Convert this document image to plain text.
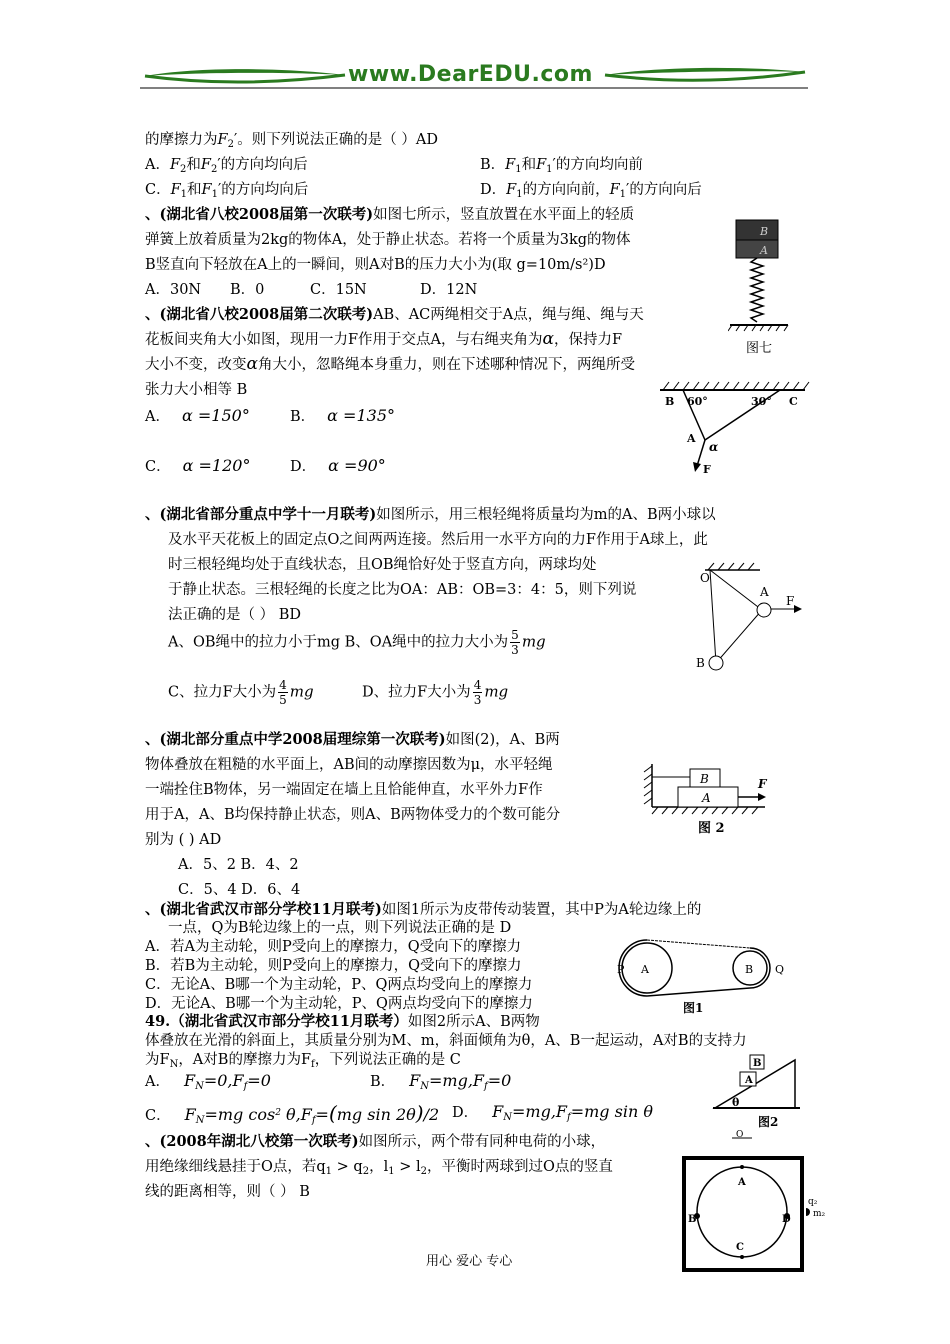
www.DearEDU.com
的摩擦力为$F_2'$。则下列说法正确的是（ ）AD
A．$F_2$和$F_2'$的方向均向后	B．$F_1$和$F_1'$的方向均向前
C．$F_1$和$F_1'$的方向均向后	D．$F_1$的方向向前，$F_1'$的方向向后
、(湖北省八校2008届第一次联考)如图七所示，竖直放置在水平面上的轻质
弹簧上放着质量为2kg的物体A，处于静止状态。若将一个质量为3kg的物体
B竖直向下轻放在A上的一瞬间，则A对B的压力大小为(取 g=10m/s²)D
A．30N B．0	C．15N	D．12N
B
A
图七
、(湖北省八校2008届第二次联考)AB、AC两绳相交于A点，绳与绳、绳与天
花板间夹角大小如图，现用一力F作用于交点A，与右绳夹角为α，保持力F
大小不变，改变α角大小，忽略绳本身重力，则在下述哪种情况下，两绳所受
张力大小相等 B
A． α =150°	B． α =135°
C． α =120°	D． α =90°
B 60°	30° C
A
α
F
、(湖北省部分重点中学十一月联考)如图所示，用三根轻绳将质量均为m的A、B两小球以
及水平天花板上的固定点O之间两两连接。然后用一水平方向的力F作用于A球上，此
时三根轻绳均处于直线状态，且OB绳恰好处于竖直方向，两球均处
于静止状态。三根轻绳的长度之比为OA：AB：OB=3：4：5，则下列说
法正确的是（ ） BD
A、OB绳中的拉力小于mg B、OA绳中的拉力大小为 $\frac{5}{3}$ mg
C、拉力F大小为 $\frac{4}{5}$ mg	D、拉力F大小为 $\frac{4}{3}$ mg
O
A
F
B
、(湖北部分重点中学2008届理综第一次联考)如图(2)，A、B两
物体叠放在粗糙的水平面上，AB间的动摩擦因数为μ，水平轻绳
一端拴住B物体，另一端固定在墙上且恰能伸直，水平外力F作
用于A，A、B均保持静止状态，则A、B两物体受力的个数可能分
别为 ( ) AD
A．5、2 B．4、2
C．5、4 D．6、4
B
A
F
图 2
、(湖北省武汉市部分学校11月联考)如图1所示为皮带传动装置，其中P为A轮边缘上的
一点，Q为B轮边缘上的一点，则下列说法正确的是 D
A．若A为主动轮，则P受向上的摩擦力，Q受向下的摩擦力
B．若B为主动轮，则P受向上的摩擦力，Q受向下的摩擦力
C．无论A、B哪一个为主动轮，P、Q两点均受向上的摩擦力
D．无论A、B哪一个为主动轮，P、Q两点均受向下的摩擦力
P A	B Q
图1
49.（湖北省武汉市部分学校11月联考）如图2所示A、B两物
体叠放在光滑的斜面上，其质量分别为M、m，斜面倾角为θ，A、B一起运动，A对B的支持力
为$F_N$，A对B的摩擦力为$F_f$，下列说法正确的是 C
A． $F_N=0,F_f=0$	B． $F_N=mg,F_f=0$
C． $F_N=mg$ $\cos^2 \theta,F_f=(mg$ sin 2θ)/2 D． $F_N=mg,F_f=mg$ sin θ
A
B
θ
图2
、(2008年湖北八校第一次联考)如图所示，两个带有同种电荷的小球，
用绝缘细线悬挂于O点，若$q_1 > q_2$，$l_1 > l_2$，平衡时两球到过O点的竖直
线的距离相等，则（ ） B
O
A
B
C
D
q₂
m₂
用心 爱心 专心
